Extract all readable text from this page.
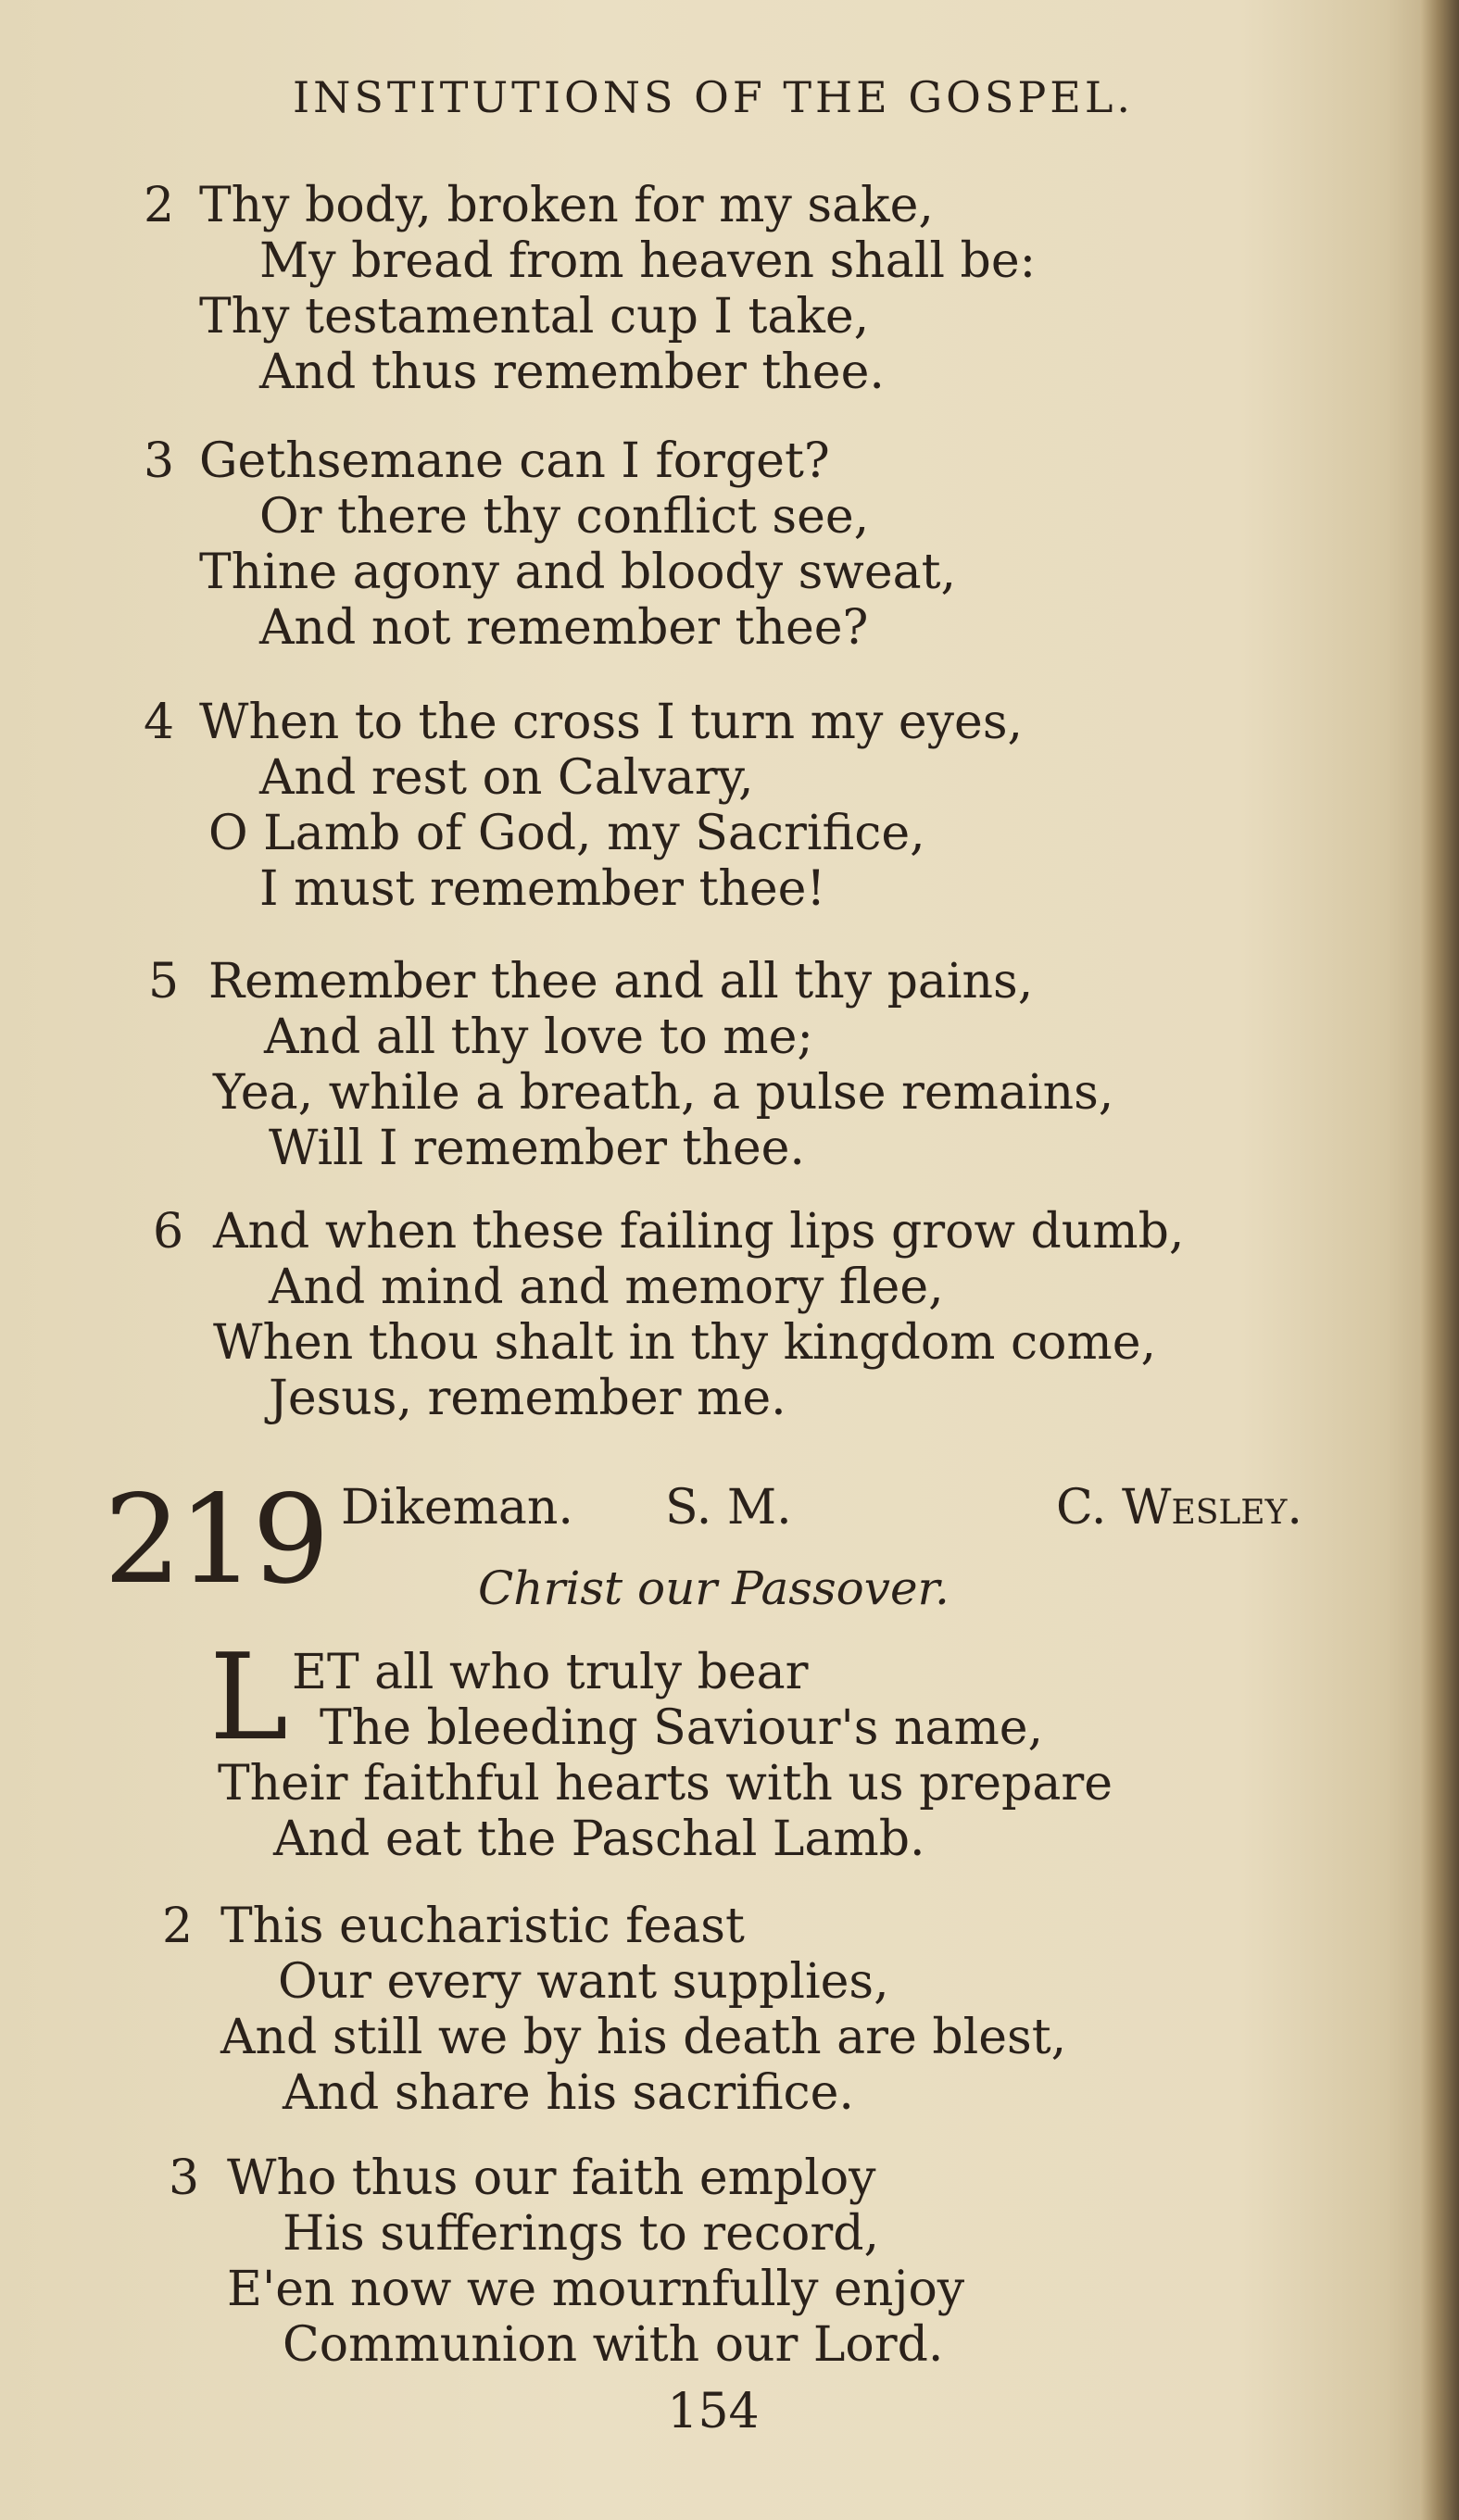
INSTITUTIONS OF THE GOSPEL.
2 Thy body, broken for my sake,
My bread from heaven shall be:
Thy testamental cup I take,
And thus remember thee.
3 Gethsemane can I forget?
Or there thy conflict see,
Thine agony and bloody sweat,
And not remember thee?
4 When to the cross I turn my eyes,
And rest on Calvary,
O Lamb of God, my Sacrifice,
I must remember thee!
5 Remember thee and all thy pains,
And all thy love to me;
Yea, while a breath, a pulse remains,
Will I remember thee.
6 And when these failing lips grow dumb,
And mind and memory flee,
When thou shalt in thy kingdom come,
Jesus, remember me.
219 Dikeman. S. M.	C. Wesley.
Christ our Passover.
L ET all who truly bear
The bleeding Saviour's name,
Their faithful hearts with us prepare
And eat the Paschal Lamb.
2 This eucharistic feast
Our every want supplies,
And still we by his death are blest,
And share his sacrifice.
3 Who thus our faith employ
His sufferings to record,
E'en now we mournfully enjoy
Communion with our Lord.
154
